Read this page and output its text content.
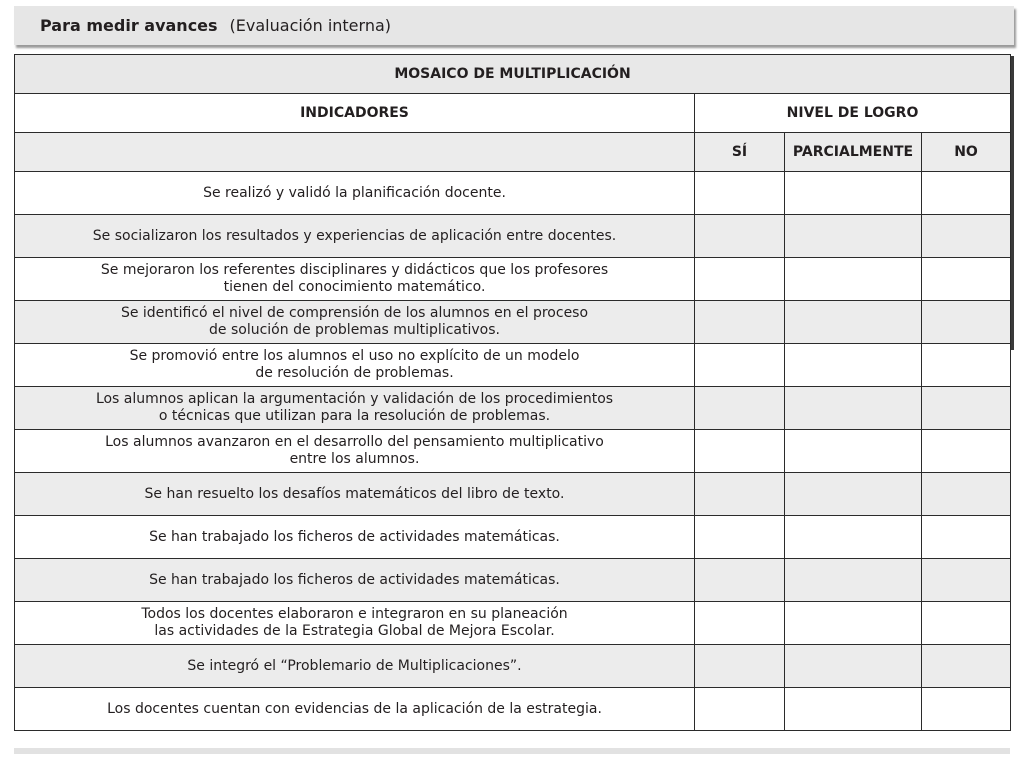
Para medir avances (Evaluación interna)
MOSAICO DE MULTIPLICACIÓN			
INDICADORES	NIVEL DE LOGRO		
	SÍ	PARCIALMENTE	NO

Se realizó y validó la planificación docente.			

Se socializaron los resultados y experiencias de aplicación entre docentes.			

Se mejoraron los referentes disciplinares y didácticos que los profesores
tienen del conocimiento matemático.			

Se identificó el nivel de comprensión de los alumnos en el proceso
de solución de problemas multiplicativos.			

Se promovió entre los alumnos el uso no explícito de un modelo
de resolución de problemas.			

Los alumnos aplican la argumentación y validación de los procedimientos
o técnicas que utilizan para la resolución de problemas.			

Los alumnos avanzaron en el desarrollo del pensamiento multiplicativo
entre los alumnos.			

Se han resuelto los desafíos matemáticos del libro de texto.			

Se han trabajado los ficheros de actividades matemáticas.			

Se han trabajado los ficheros de actividades matemáticas.			

Todos los docentes elaboraron e integraron en su planeación
las actividades de la Estrategia Global de Mejora Escolar.			

Se integró el “Problemario de Multiplicaciones”.			

Los docentes cuentan con evidencias de la aplicación de la estrategia.			
